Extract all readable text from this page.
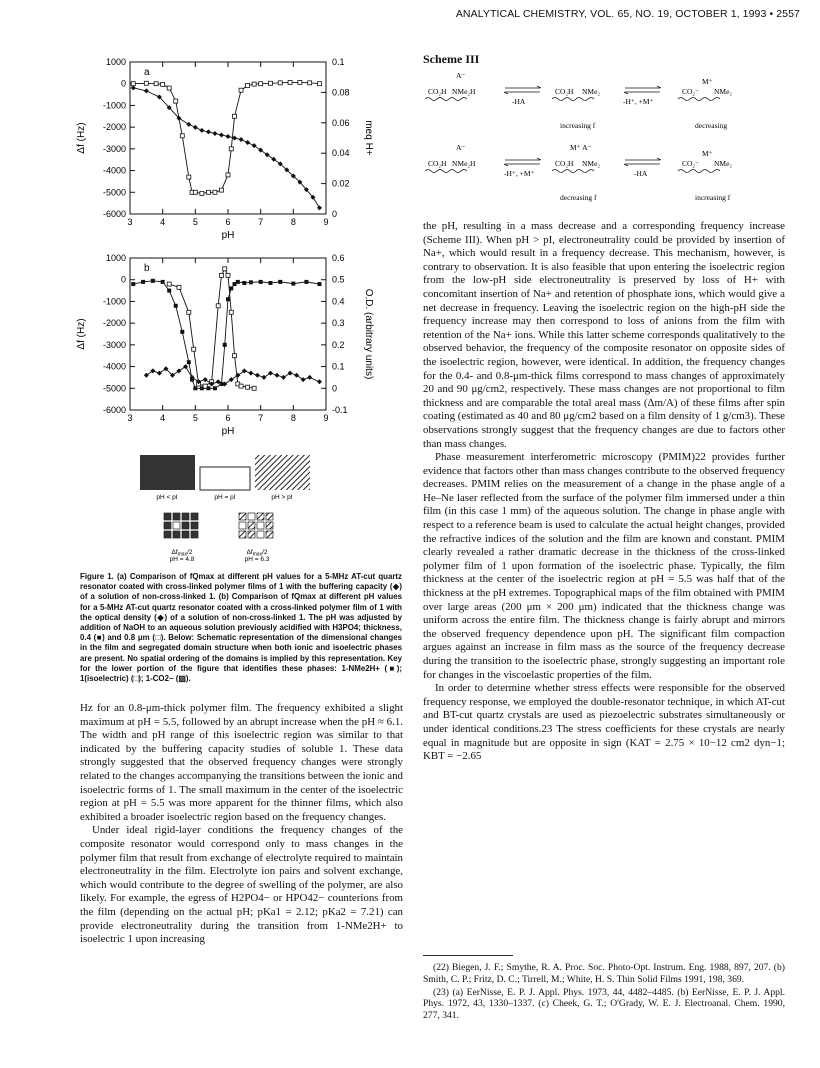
ANALYTICAL CHEMISTRY, VOL. 65, NO. 19, OCTOBER 1, 1993 • 2557
3	4	5	6	7	8	9
1000
0
-1000
-2000
-3000
-4000
-5000
-6000
0.1
0.08
0.06
0.04
0.02
0
pH
Δf (Hz)	meq H+
a
3	4	5	6	7	8	9
1000
0
-1000
-2000
-3000
-4000
-5000
-6000
0.6
0.5
0.4
0.3
0.2
0.1
0
-0.1
pH
Δf (Hz)	O.D. (arbitrary units)
b
pH < pI	pH = pI	pH > pI
$\Delta f_{max}/2$
pH = 4.8
$\Delta f_{max}/2$
pH = 6.3
Figure 1. (a) Comparison of fQmax at different pH values for a 5-MHz AT-cut quartz resonator coated with cross-linked polymer films of 1 with the buffering capacity (◆) of a solution of non-cross-linked 1. (b) Comparison of fQmax at different pH values for a 5-MHz AT-cut quartz resonator coated with a cross-linked polymer film of 1 with the optical density (◆) of a solution of non-cross-linked 1. The pH was adjusted by addition of NaOH to an aqueous solution previously acidified with H3PO4; thickness, 0.4 (■) and 0.8 μm (□). Below: Schematic representation of the dimensional changes in the film and segregated domain structure when both ionic and isoelectric phases are present. No spatial ordering of the domains is implied by this representation. Key for the lower portion of the figure that identifies these phases: 1-NMe2H+ (■); 1(isoelectric) (□); 1-CO2− (▨).

Hz for an 0.8-μm-thick polymer film. The frequency exhibited a slight maximum at pH = 5.5, followed by an abrupt increase when the pH ≈ 6.1. The width and pH range of this isoelectric region was similar to that indicated by the buffering capacity studies of soluble 1. These data strongly suggested that the observed frequency changes were strongly related to the changes accompanying the transitions between the ionic and isoelectric forms of 1. The small maximum in the center of the isoelectric region at pH = 5.5 was more apparent for the thinner films, which also exhibited a broader isoelectric region based on the frequency changes.

Under ideal rigid-layer conditions the frequency changes of the composite resonator would correspond only to mass changes in the polymer film that result from exchange of electrolyte required to maintain electroneutrality in the film. Electrolyte ion pairs and solvent exchange, which would contribute to the degree of swelling of the polymer, are also likely. For example, the egress of H2PO4− or HPO42− counterions from the film (depending on the actual pH; pKa1 = 2.12; pKa2 = 7.21) can provide electroneutrality during the transition from 1-NMe2H+ to isoelectric 1 upon increasing

Scheme III
CO₂H
A⁻
NMe₂H
-HA
CO₂H NMe₂
-H⁺, +M⁺
CO₂⁻
M⁺
NMe₂
increasing f	decreasing
CO₂H
A⁻
NMe₂H
-H⁺, +M⁺
M⁺ A⁻
CO₂H NMe₂
-HA
CO₂⁻
M⁺
NMe₂
decreasing f	increasing f

the pH, resulting in a mass decrease and a corresponding frequency increase (Scheme III). When pH > pI, electroneutrality could be provided by insertion of Na+, which would result in a frequency decrease. This mechanism, however, is contrary to observation. It is also feasible that upon entering the isoelectric region from the low-pH side electroneutrality is preserved by loss of H+ with concomitant insertion of Na+ and retention of phosphate ions, which would give a net decrease in frequency. Leaving the isoelectric region on the high-pH side the frequency increase may then correspond to loss of anions from the film with retention of the Na+ ions. While this latter scheme corresponds qualitatively to the observed behavior, the frequency of the composite resonator on opposite sides of the isoelectric region, however, were identical. In addition, the frequency changes for the 0.4- and 0.8-μm-thick films correspond to mass changes of approximately 20 and 90 μg/cm2, respectively. These mass changes are not proportional to film thickness and are comparable the total areal mass (Δm/A) of these films after spin coating (estimated as 40 and 80 μg/cm2 based on a film density of 1 g/cm3). These observations strongly suggest that the frequency changes are due to factors other than mass changes.

Phase measurement interferometric microscopy (PMIM)22 provides further evidence that factors other than mass changes contribute to the observed frequency decreases. PMIM relies on the measurement of a change in the phase angle of a He–Ne laser reflected from the surface of the polymer film immersed under a thin film (in this case 1 mm) of the aqueous solution. The change in phase angle with respect to a reference beam is used to calculate the actual height changes, provided the refractive indices of the solution and the film are known and constant. PMIM clearly revealed a rather dramatic decrease in the thickness of the cross-linked polymer film of 1 upon formation of the isoelectric phase. Typically, the film thickness at the center of the isoelectric region at pH = 5.5 was half that of the thickness at the pH extremes. Topographical maps of the film obtained with PMIM over large areas (200 μm × 200 μm) indicated that the thickness change was uniform across the entire film. The thickness change is fairly abrupt and mirrors the observed frequency dependence upon pH. The significant film compaction argues against an increase in film mass as the source of the frequency decrease during the transition to the isoelectric phase, strongly suggesting an important role for changes in the viscoelastic properties of the film.

In order to determine whether stress effects were responsible for the observed frequency response, we employed the double-resonator technique, in which AT-cut and BT-cut quartz crystals are used as piezoelectric substrates simultaneously or under identical conditions.23 The stress coefficients for these crystals are nearly equal in magnitude but are opposite in sign (KAT = 2.75 × 10−12 cm2 dyn−1; KBT = −2.65

(22) Biegen, J. F.; Smythe, R. A. Proc. Soc. Photo-Opt. Instrum. Eng. 1988, 897, 207. (b) Smith, C. P.; Fritz, D. C.; Tirrell, M.; White, H. S. Thin Solid Films 1991, 198, 369.

(23) (a) EerNisse, E. P. J. Appl. Phys. 1973, 44, 4482–4485. (b) EerNisse, E. P. J. Appl. Phys. 1972, 43, 1330–1337. (c) Cheek, G. T.; O'Grady, W. E. J. Electroanal. Chem. 1990, 277, 341.
